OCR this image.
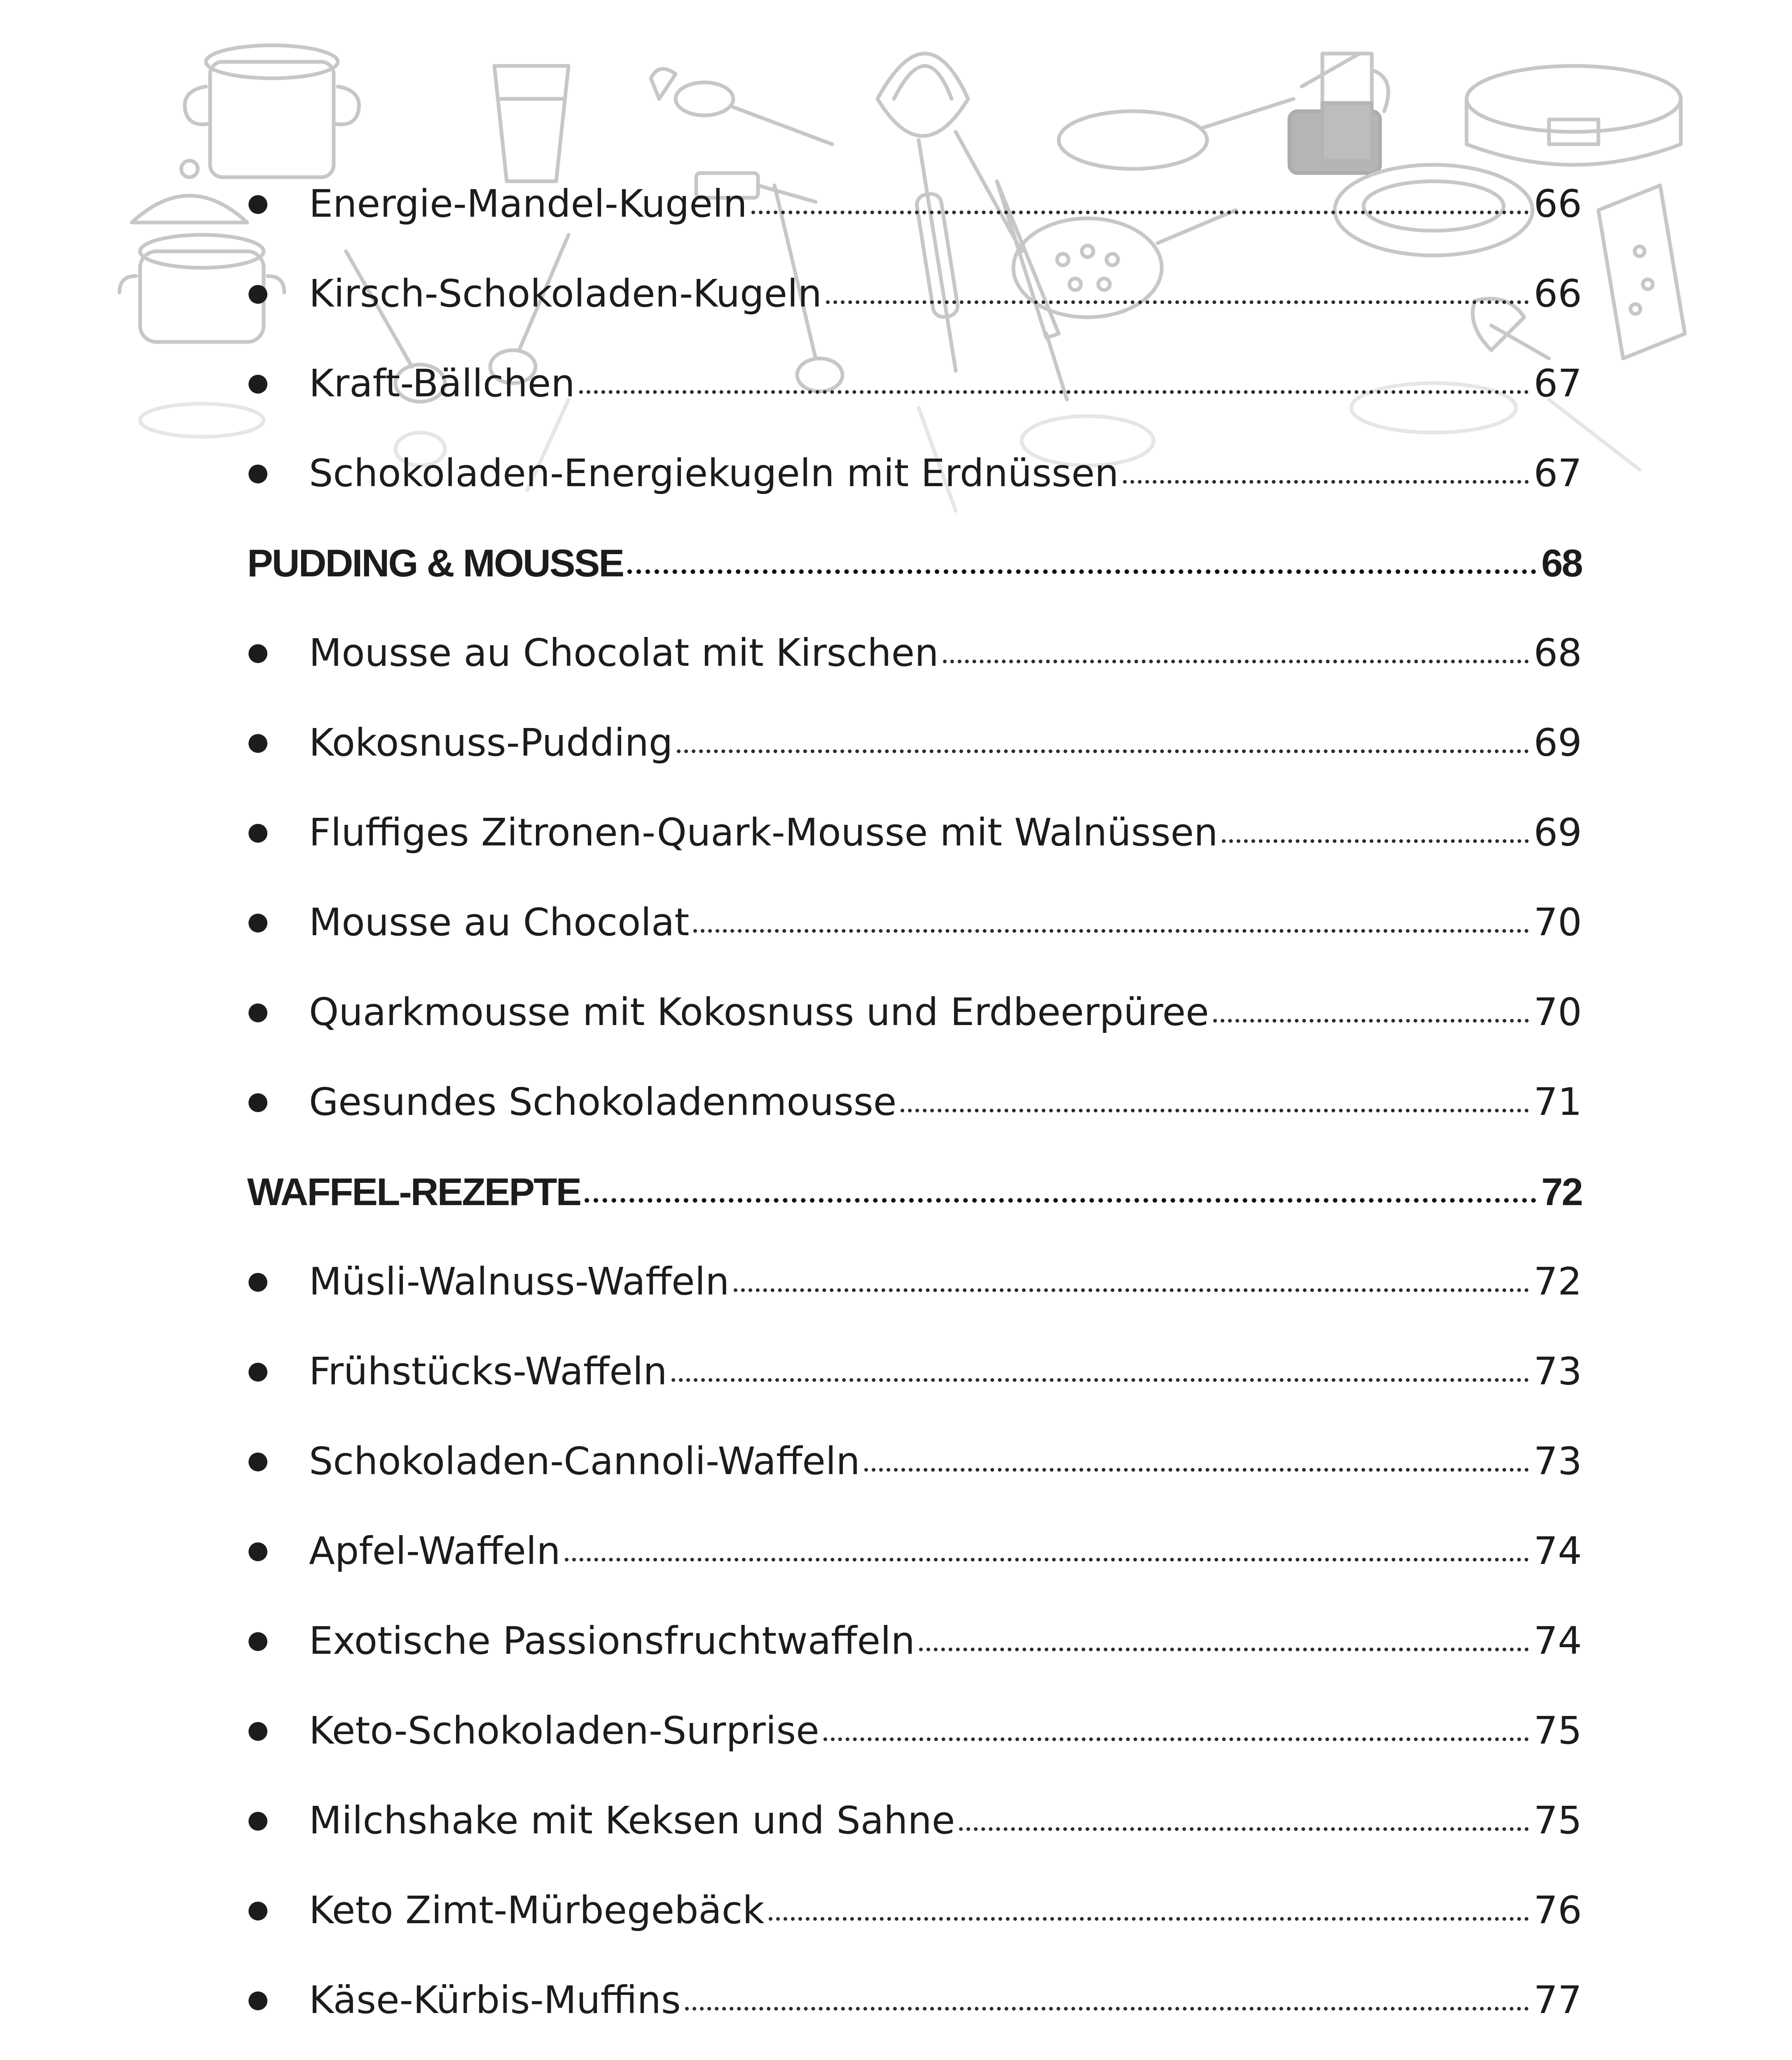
●	Energie-Mandel-Kugeln	66
●	Kirsch-Schokoladen-Kugeln	66
●	Kraft-Bällchen	67
●	Schokoladen-Energiekugeln mit Erdnüssen	67
PUDDING & MOUSSE	68
●	Mousse au Chocolat mit Kirschen	68
●	Kokosnuss-Pudding	69
●	Fluffiges Zitronen-Quark-Mousse mit Walnüssen	69
●	Mousse au Chocolat	70
●	Quarkmousse mit Kokosnuss und Erdbeerpüree	70
●	Gesundes Schokoladenmousse	71
WAFFEL-REZEPTE	72
●	Müsli-Walnuss-Waffeln	72
●	Frühstücks-Waffeln	73
●	Schokoladen-Cannoli-Waffeln	73
●	Apfel-Waffeln	74
●	Exotische Passionsfruchtwaffeln	74
●	Keto-Schokoladen-Surprise	75
●	Milchshake mit Keksen und Sahne	75
●	Keto Zimt-Mürbegebäck	76
●	Käse-Kürbis-Muffins	77
